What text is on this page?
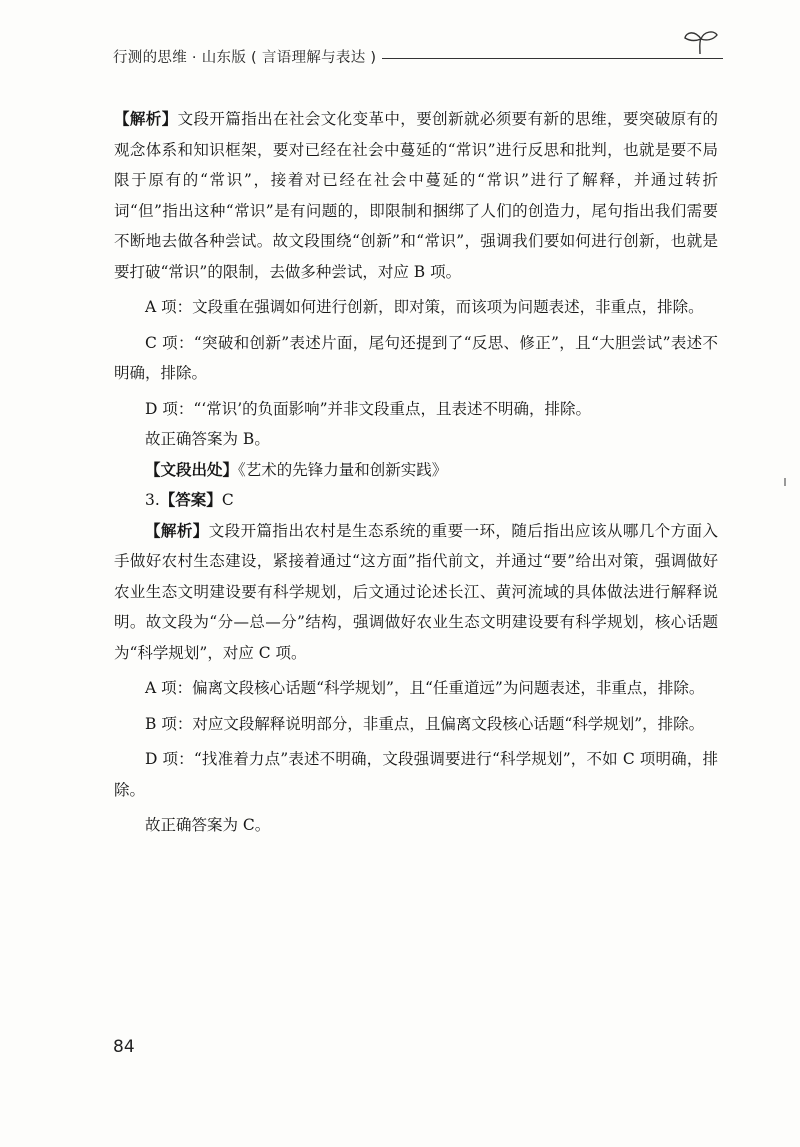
行测的思维 · 山东版 ( 言语理解与表达 )

【解析】文段开篇指出在社会文化变革中，要创新就必须要有新的思维，要突破原有的观念体系和知识框架，要对已经在社会中蔓延的“常识”进行反思和批判，也就是要不局限于原有的“常识”，接着对已经在社会中蔓延的“常识”进行了解释，并通过转折词“但”指出这种“常识”是有问题的，即限制和捆绑了人们的创造力，尾句指出我们需要不断地去做各种尝试。故文段围绕“创新”和“常识”，强调我们要如何进行创新，也就是要打破“常识”的限制，去做多种尝试，对应 B 项。

A 项：文段重在强调如何进行创新，即对策，而该项为问题表述，非重点，排除。

C 项：“突破和创新”表述片面，尾句还提到了“反思、修正”，且“大胆尝试”表述不明确，排除。

D 项：“‘常识’的负面影响”并非文段重点，且表述不明确，排除。

故正确答案为 B。

【文段出处】《艺术的先锋力量和创新实践》

3.【答案】C

【解析】文段开篇指出农村是生态系统的重要一环，随后指出应该从哪几个方面入手做好农村生态建设，紧接着通过“这方面”指代前文，并通过“要”给出对策，强调做好农业生态文明建设要有科学规划，后文通过论述长江、黄河流域的具体做法进行解释说明。故文段为“分—总—分”结构，强调做好农业生态文明建设要有科学规划，核心话题为“科学规划”，对应 C 项。

A 项：偏离文段核心话题“科学规划”，且“任重道远”为问题表述，非重点，排除。

B 项：对应文段解释说明部分，非重点，且偏离文段核心话题“科学规划”，排除。

D 项：“找准着力点”表述不明确，文段强调要进行“科学规划”，不如 C 项明确，排除。

故正确答案为 C。

84
